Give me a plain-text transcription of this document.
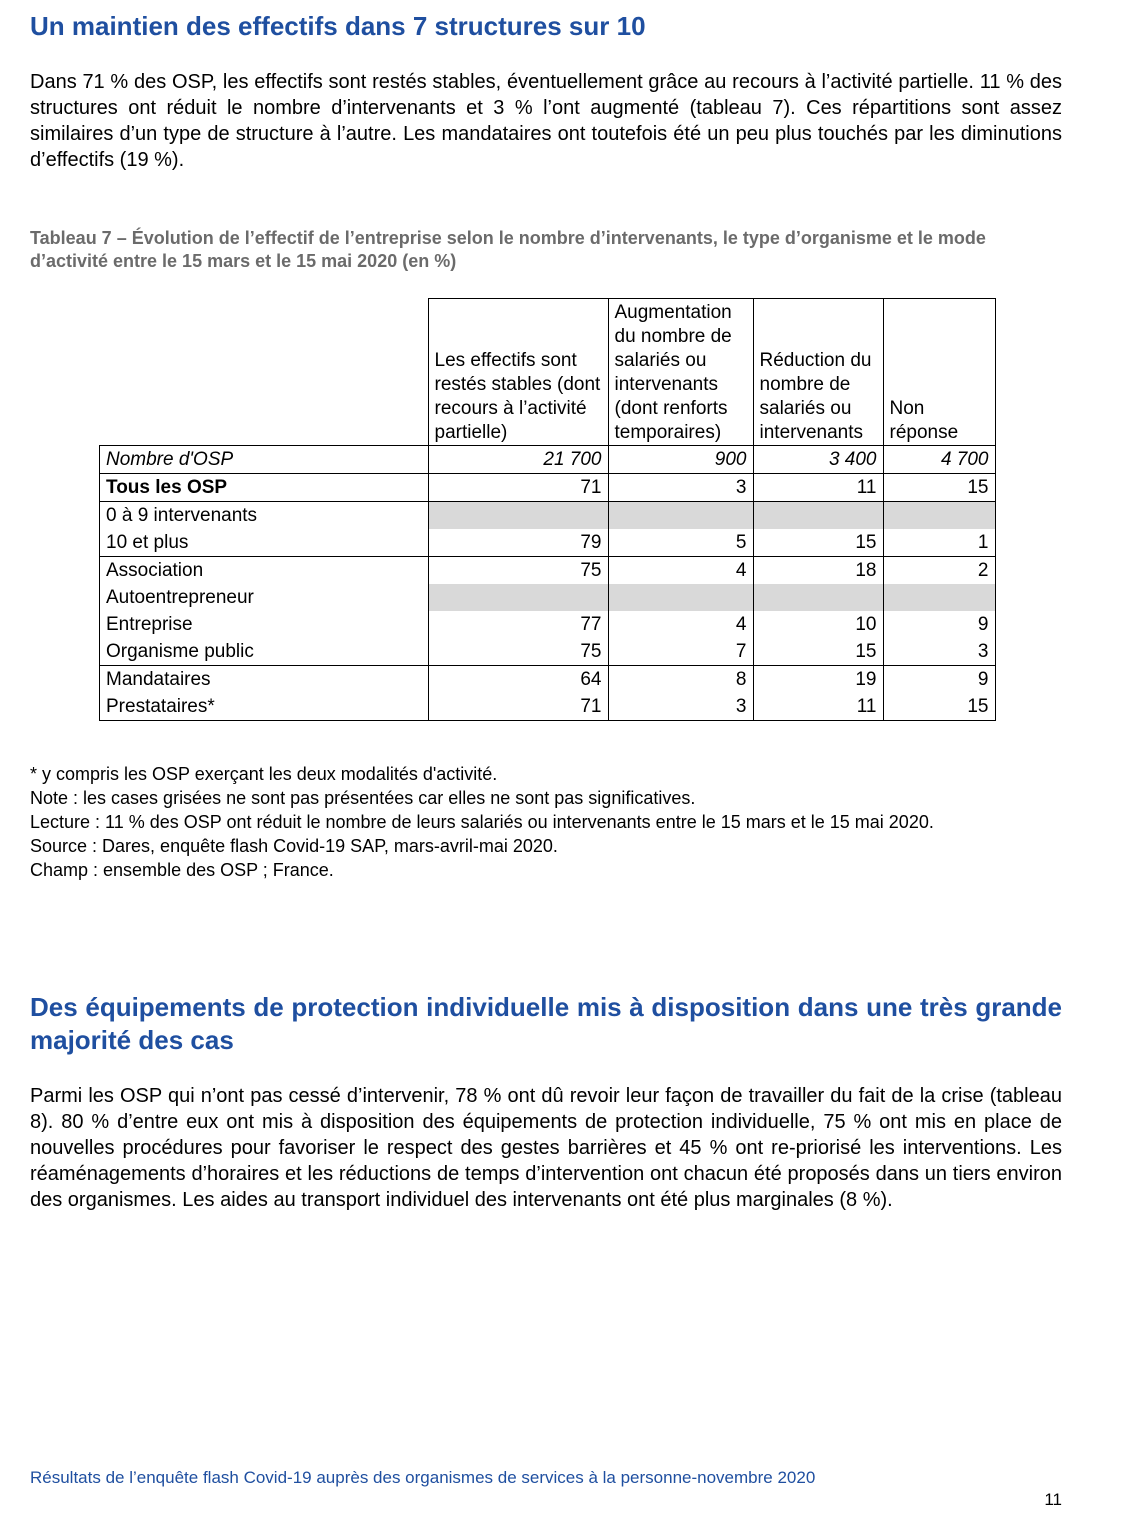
Un maintien des effectifs dans 7 structures sur 10

Dans 71 % des OSP, les effectifs sont restés stables, éventuellement grâce au recours à l’activité partielle. 11 % des structures ont réduit le nombre d’intervenants et 3 % l’ont augmenté (tableau 7). Ces répartitions sont assez similaires d’un type de structure à l’autre. Les mandataires ont toutefois été un peu plus touchés par les diminutions d’effectifs (19 %).

Tableau 7 – Évolution de l’effectif de l’entreprise selon le nombre d’intervenants, le type d’organisme et le mode d’activité entre le 15 mars et le 15 mai 2020 (en %)

	Les effectifs sont restés stables (dont recours à l’activité partielle)	Augmentation du nombre de salariés ou intervenants (dont renforts temporaires)	Réduction du nombre de salariés ou intervenants	Non réponse
Nombre d'OSP	21 700	900	3 400	4 700
Tous les OSP	71	3	11	15
0 à 9 intervenants				
10 et plus	79	5	15	1
Association	75	4	18	2
Autoentrepreneur				
Entreprise	77	4	10	9
Organisme public	75	7	15	3
Mandataires	64	8	19	9
Prestataires*	71	3	11	15
* y compris les OSP exerçant les deux modalités d'activité.
Note : les cases grisées ne sont pas présentées car elles ne sont pas significatives.
Lecture : 11 % des OSP ont réduit le nombre de leurs salariés ou intervenants entre le 15 mars et le 15 mai 2020.
Source : Dares, enquête flash Covid-19 SAP, mars-avril-mai 2020.
Champ : ensemble des OSP ; France.
Des équipements de protection individuelle mis à disposition dans une très grande majorité des cas

Parmi les OSP qui n’ont pas cessé d’intervenir, 78 % ont dû revoir leur façon de travailler du fait de la crise (tableau 8). 80 % d’entre eux ont mis à disposition des équipements de protection individuelle, 75 % ont mis en place de nouvelles procédures pour favoriser le respect des gestes barrières et 45 % ont re-priorisé les interventions. Les réaménagements d’horaires et les réductions de temps d’intervention ont chacun été proposés dans un tiers environ des organismes. Les aides au transport individuel des intervenants ont été plus marginales (8 %).

Résultats de l’enquête flash Covid-19 auprès des organismes de services à la personne-novembre 2020
11
